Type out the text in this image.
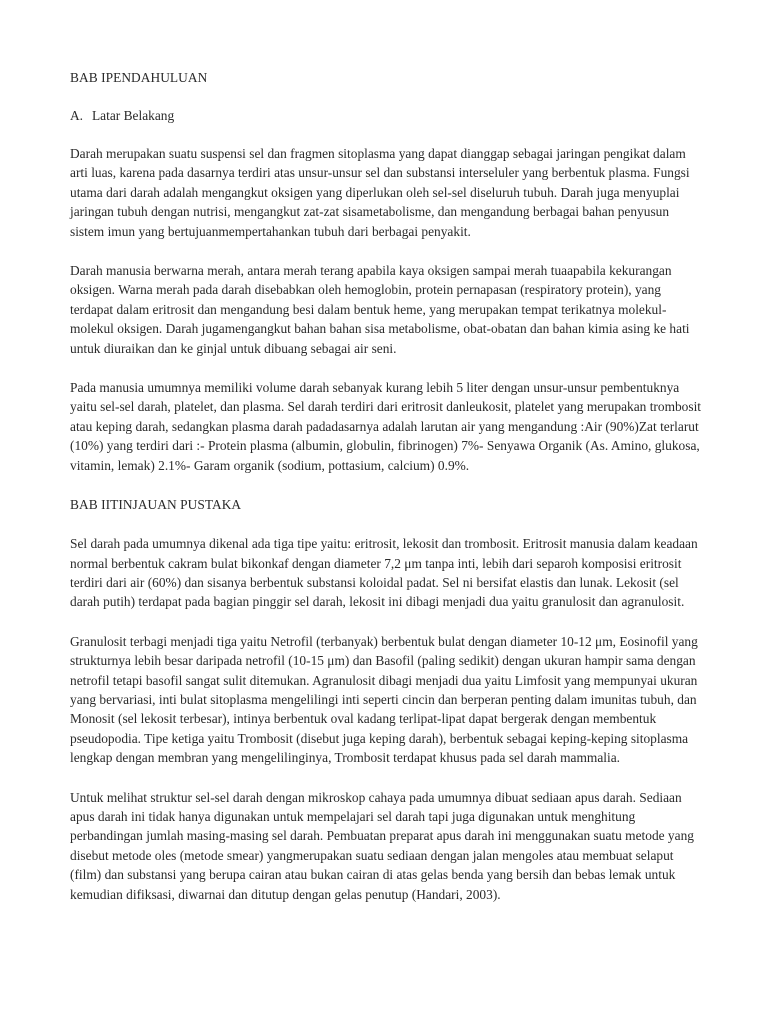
BAB IPENDAHULUAN
A. Latar Belakang

Darah merupakan suatu suspensi sel dan fragmen sitoplasma yang dapat dianggap sebagai jaringan pengikat dalam arti luas, karena pada dasarnya terdiri atas unsur-unsur sel dan substansi interseluler yang berbentuk plasma. Fungsi utama dari darah adalah mengangkut oksigen yang diperlukan oleh sel-sel diseluruh tubuh. Darah juga menyuplai jaringan tubuh dengan nutrisi, mengangkut zat-zat sisametabolisme, dan mengandung berbagai bahan penyusun sistem imun yang bertujuanmempertahankan tubuh dari berbagai penyakit.

Darah manusia berwarna merah, antara merah terang apabila kaya oksigen sampai merah tuaapabila kekurangan oksigen. Warna merah pada darah disebabkan oleh hemoglobin, protein pernapasan (respiratory protein), yang terdapat dalam eritrosit dan mengandung besi dalam bentuk heme, yang merupakan tempat terikatnya molekul-molekul oksigen. Darah jugamengangkut bahan bahan sisa metabolisme, obat-obatan dan bahan kimia asing ke hati untuk diuraikan dan ke ginjal untuk dibuang sebagai air seni.

Pada manusia umumnya memiliki volume darah sebanyak kurang lebih 5 liter dengan unsur-unsur pembentuknya yaitu sel-sel darah, platelet, dan plasma. Sel darah terdiri dari eritrosit danleukosit, platelet yang merupakan trombosit atau keping darah, sedangkan plasma darah padadasarnya adalah larutan air yang mengandung :Air (90%)Zat terlarut (10%) yang terdiri dari :- Protein plasma (albumin, globulin, fibrinogen) 7%- Senyawa Organik (As. Amino, glukosa, vitamin, lemak) 2.1%- Garam organik (sodium, pottasium, calcium) 0.9%.

BAB IITINJAUAN PUSTAKA

Sel darah pada umumnya dikenal ada tiga tipe yaitu: eritrosit, lekosit dan trombosit. Eritrosit manusia dalam keadaan normal berbentuk cakram bulat bikonkaf dengan diameter 7,2 μm tanpa inti, lebih dari separoh komposisi eritrosit terdiri dari air (60%) dan sisanya berbentuk substansi koloidal padat. Sel ni bersifat elastis dan lunak. Lekosit (sel darah putih) terdapat pada bagian pinggir sel darah, lekosit ini dibagi menjadi dua yaitu granulosit dan agranulosit.

Granulosit terbagi menjadi tiga yaitu Netrofil (terbanyak) berbentuk bulat dengan diameter 10-12 μm, Eosinofil yang strukturnya lebih besar daripada netrofil (10-15 μm) dan Basofil (paling sedikit) dengan ukuran hampir sama dengan netrofil tetapi basofil sangat sulit ditemukan. Agranulosit dibagi menjadi dua yaitu Limfosit yang mempunyai ukuran yang bervariasi, inti bulat sitoplasma mengelilingi inti seperti cincin dan berperan penting dalam imunitas tubuh, dan Monosit (sel lekosit terbesar), intinya berbentuk oval kadang terlipat-lipat dapat bergerak dengan membentuk pseudopodia. Tipe ketiga yaitu Trombosit (disebut juga keping darah), berbentuk sebagai keping-keping sitoplasma lengkap dengan membran yang mengelilinginya, Trombosit terdapat khusus pada sel darah mammalia.

Untuk melihat struktur sel-sel darah dengan mikroskop cahaya pada umumnya dibuat sediaan apus darah. Sediaan apus darah ini tidak hanya digunakan untuk mempelajari sel darah tapi juga digunakan untuk menghitung perbandingan jumlah masing-masing sel darah. Pembuatan preparat apus darah ini menggunakan suatu metode yang disebut metode oles (metode smear) yangmerupakan suatu sediaan dengan jalan mengoles atau membuat selaput (film) dan substansi yang berupa cairan atau bukan cairan di atas gelas benda yang bersih dan bebas lemak untuk kemudian difiksasi, diwarnai dan ditutup dengan gelas penutup (Handari, 2003).
